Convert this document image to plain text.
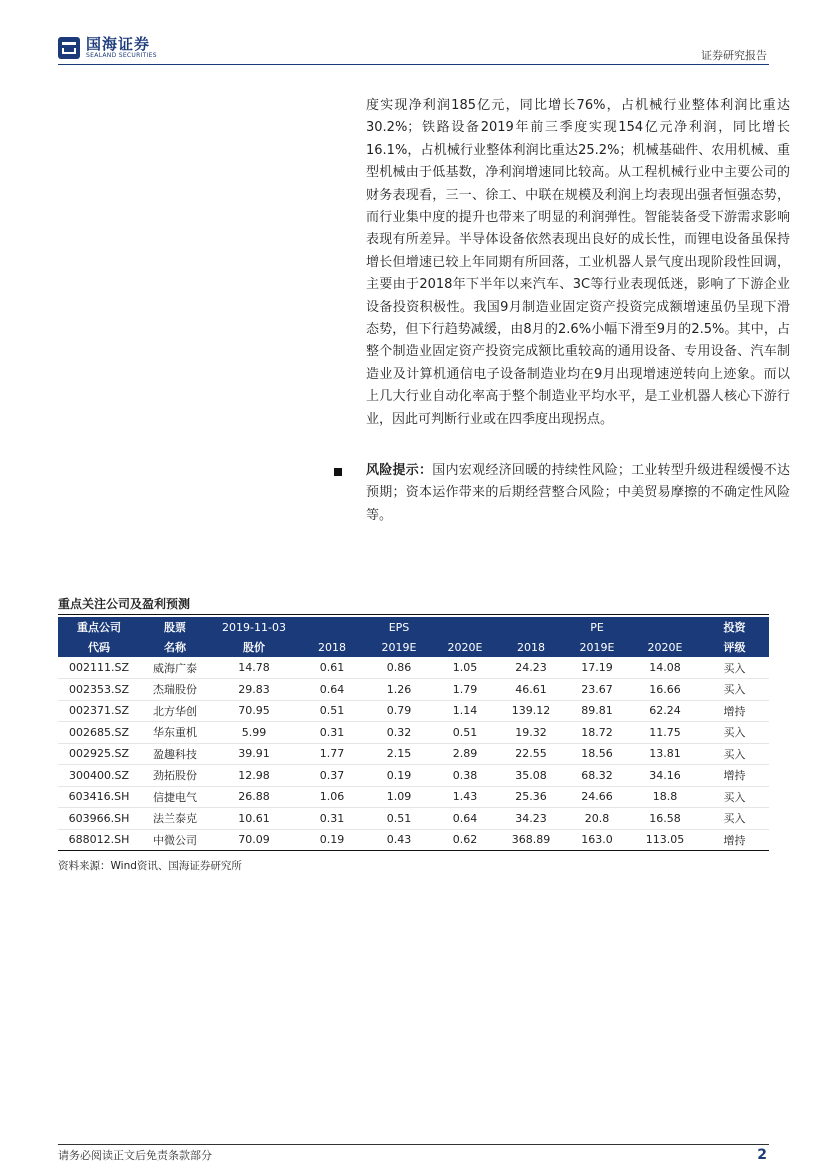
国海证券
SEALAND SECURITIES	证券研究报告

度实现净利润185亿元，同比增长76%，占机械行业整体利润比重达30.2%；铁路设备2019年前三季度实现154亿元净利润，同比增长16.1%，占机械行业整体利润比重达25.2%；机械基础件、农用机械、重型机械由于低基数，净利润增速同比较高。从工程机械行业中主要公司的财务表现看，三一、徐工、中联在规模及利润上均表现出强者恒强态势，而行业集中度的提升也带来了明显的利润弹性。智能装备受下游需求影响表现有所差异。半导体设备依然表现出良好的成长性，而锂电设备虽保持增长但增速已较上年同期有所回落，工业机器人景气度出现阶段性回调，主要由于2018年下半年以来汽车、3C等行业表现低迷，影响了下游企业设备投资积极性。我国9月制造业固定资产投资完成额增速虽仍呈现下滑态势，但下行趋势减缓，由8月的2.6%小幅下滑至9月的2.5%。其中，占整个制造业固定资产投资完成额比重较高的通用设备、专用设备、汽车制造业及计算机通信电子设备制造业均在9月出现增速逆转向上迹象。而以上几大行业自动化率高于整个制造业平均水平，是工业机器人核心下游行业，因此可判断行业或在四季度出现拐点。

风险提示：国内宏观经济回暖的持续性风险；工业转型升级进程缓慢不达预期；资本运作带来的后期经营整合风险；中美贸易摩擦的不确定性风险等。
重点关注公司及盈利预测
重点公司	股票	2019-11-03		EPS			PE		投资
代码	名称	股价	2018	2019E	2020E	2018	2019E	2020E	评级
002111.SZ	威海广泰	14.78	0.61	0.86	1.05	24.23	17.19	14.08	买入
002353.SZ	杰瑞股份	29.83	0.64	1.26	1.79	46.61	23.67	16.66	买入
002371.SZ	北方华创	70.95	0.51	0.79	1.14	139.12	89.81	62.24	增持
002685.SZ	华东重机	5.99	0.31	0.32	0.51	19.32	18.72	11.75	买入
002925.SZ	盈趣科技	39.91	1.77	2.15	2.89	22.55	18.56	13.81	买入
300400.SZ	劲拓股份	12.98	0.37	0.19	0.38	35.08	68.32	34.16	增持
603416.SH	信捷电气	26.88	1.06	1.09	1.43	25.36	24.66	18.8	买入
603966.SH	法兰泰克	10.61	0.31	0.51	0.64	34.23	20.8	16.58	买入
688012.SH	中微公司	70.09	0.19	0.43	0.62	368.89	163.0	113.05	增持
资料来源：Wind资讯、国海证券研究所
请务必阅读正文后免责条款部分	2
